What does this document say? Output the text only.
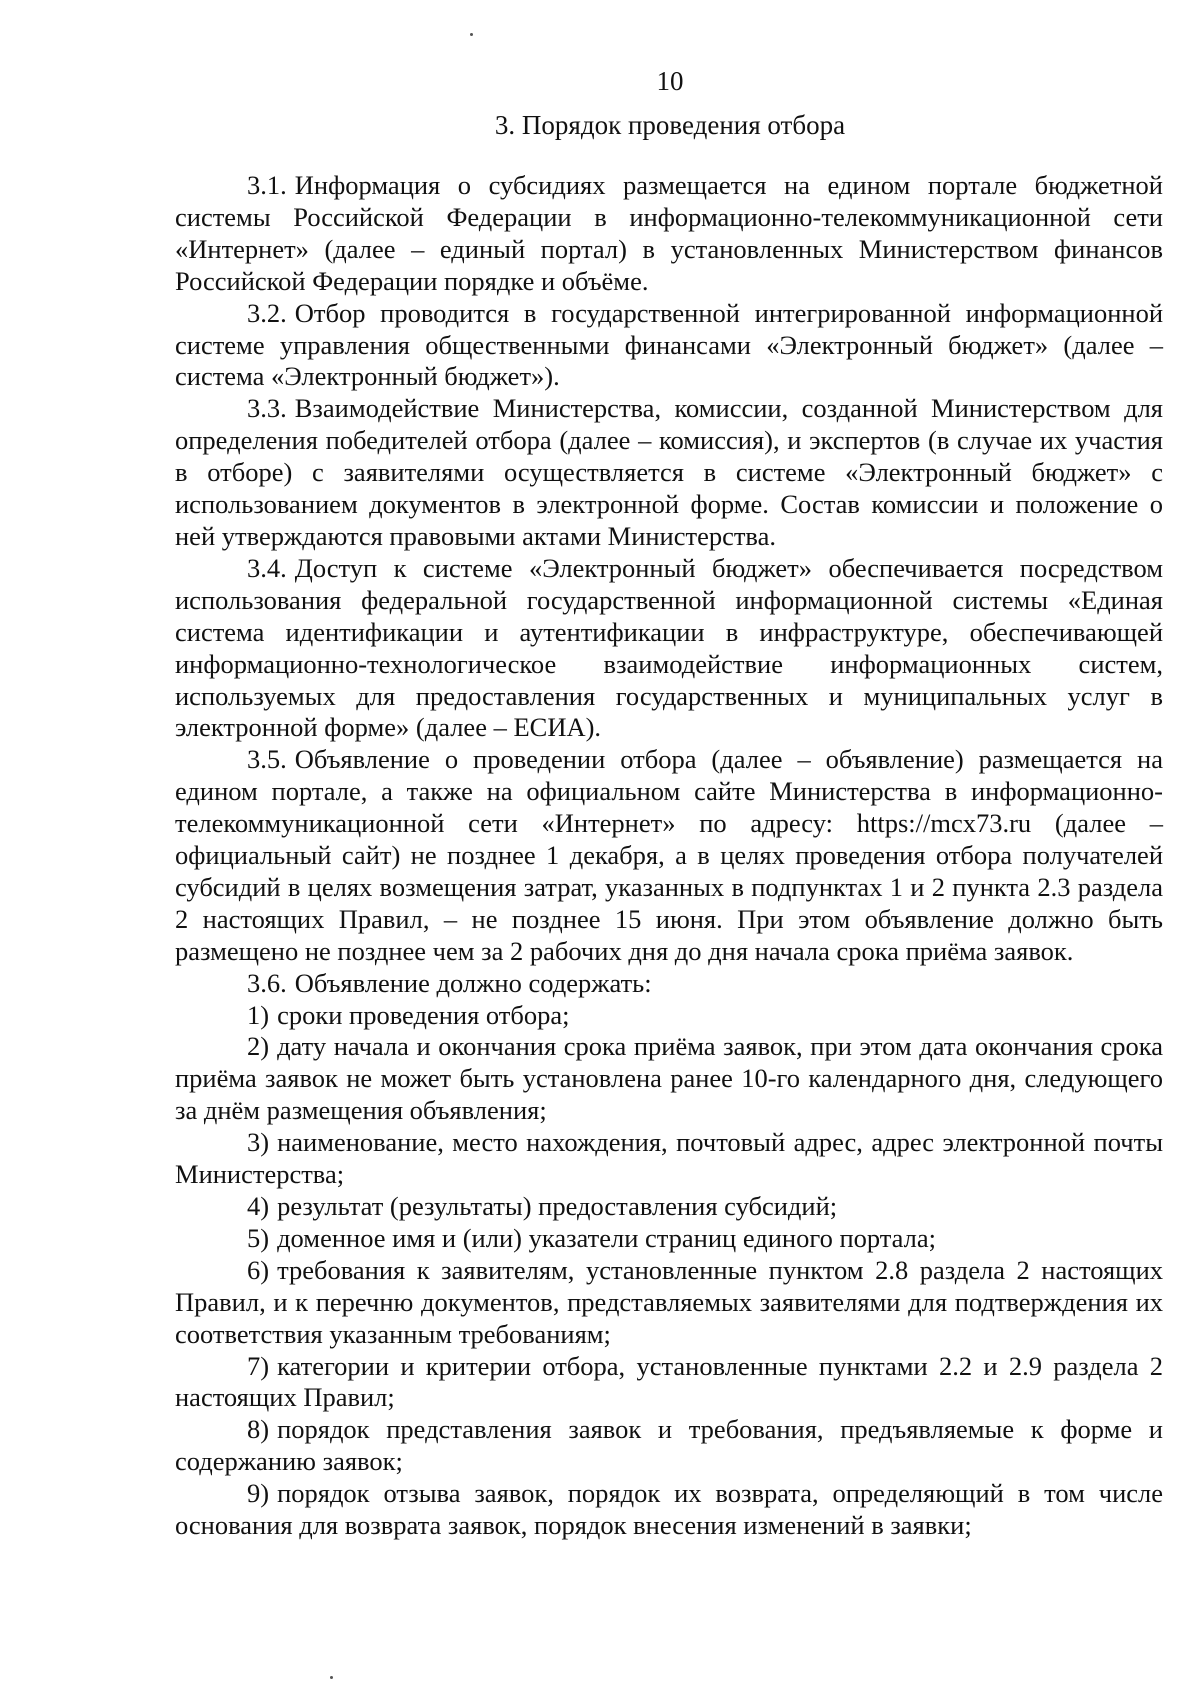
10
3. Порядок проведения отбора

3.1. Информация о субсидиях размещается на едином портале бюджетной системы Российской Федерации в информационно-телекоммуникационной сети «Интернет» (далее – единый портал) в установленных Министерством финансов Российской Федерации порядке и объёме.

3.2. Отбор проводится в государственной интегрированной информационной системе управления общественными финансами «Электронный бюджет» (далее – система «Электронный бюджет»).

3.3. Взаимодействие Министерства, комиссии, созданной Министерством для определения победителей отбора (далее – комиссия), и экспертов (в случае их участия в отборе) с заявителями осуществляется в системе «Электронный бюджет» с использованием документов в электронной форме. Состав комиссии и положение о ней утверждаются правовыми актами Министерства.

3.4. Доступ к системе «Электронный бюджет» обеспечивается посредством использования федеральной государственной информационной системы «Единая система идентификации и аутентификации в инфраструктуре, обеспечивающей информационно-технологическое взаимодействие информационных систем, используемых для предоставления государственных и муниципальных услуг в электронной форме» (далее – ЕСИА).

3.5. Объявление о проведении отбора (далее – объявление) размещается на едином портале, а также на официальном сайте Министерства в информационно-телекоммуникационной сети «Интернет» по адресу: https://mcx73.ru (далее – официальный сайт) не позднее 1 декабря, а в целях проведения отбора получателей субсидий в целях возмещения затрат, указанных в подпунктах 1 и 2 пункта 2.3 раздела 2 настоящих Правил, – не позднее 15 июня. При этом объявление должно быть размещено не позднее чем за 2 рабочих дня до дня начала срока приёма заявок.

3.6. Объявление должно содержать:

1) сроки проведения отбора;

2) дату начала и окончания срока приёма заявок, при этом дата окончания срока приёма заявок не может быть установлена ранее 10-го календарного дня, следующего за днём размещения объявления;

3) наименование, место нахождения, почтовый адрес, адрес электронной почты Министерства;

4) результат (результаты) предоставления субсидий;

5) доменное имя и (или) указатели страниц единого портала;

6) требования к заявителям, установленные пунктом 2.8 раздела 2 настоящих Правил, и к перечню документов, представляемых заявителями для подтверждения их соответствия указанным требованиям;

7) категории и критерии отбора, установленные пунктами 2.2 и 2.9 раздела 2 настоящих Правил;

8) порядок представления заявок и требования, предъявляемые к форме и содержанию заявок;

9) порядок отзыва заявок, порядок их возврата, определяющий в том числе основания для возврата заявок, порядок внесения изменений в заявки;
